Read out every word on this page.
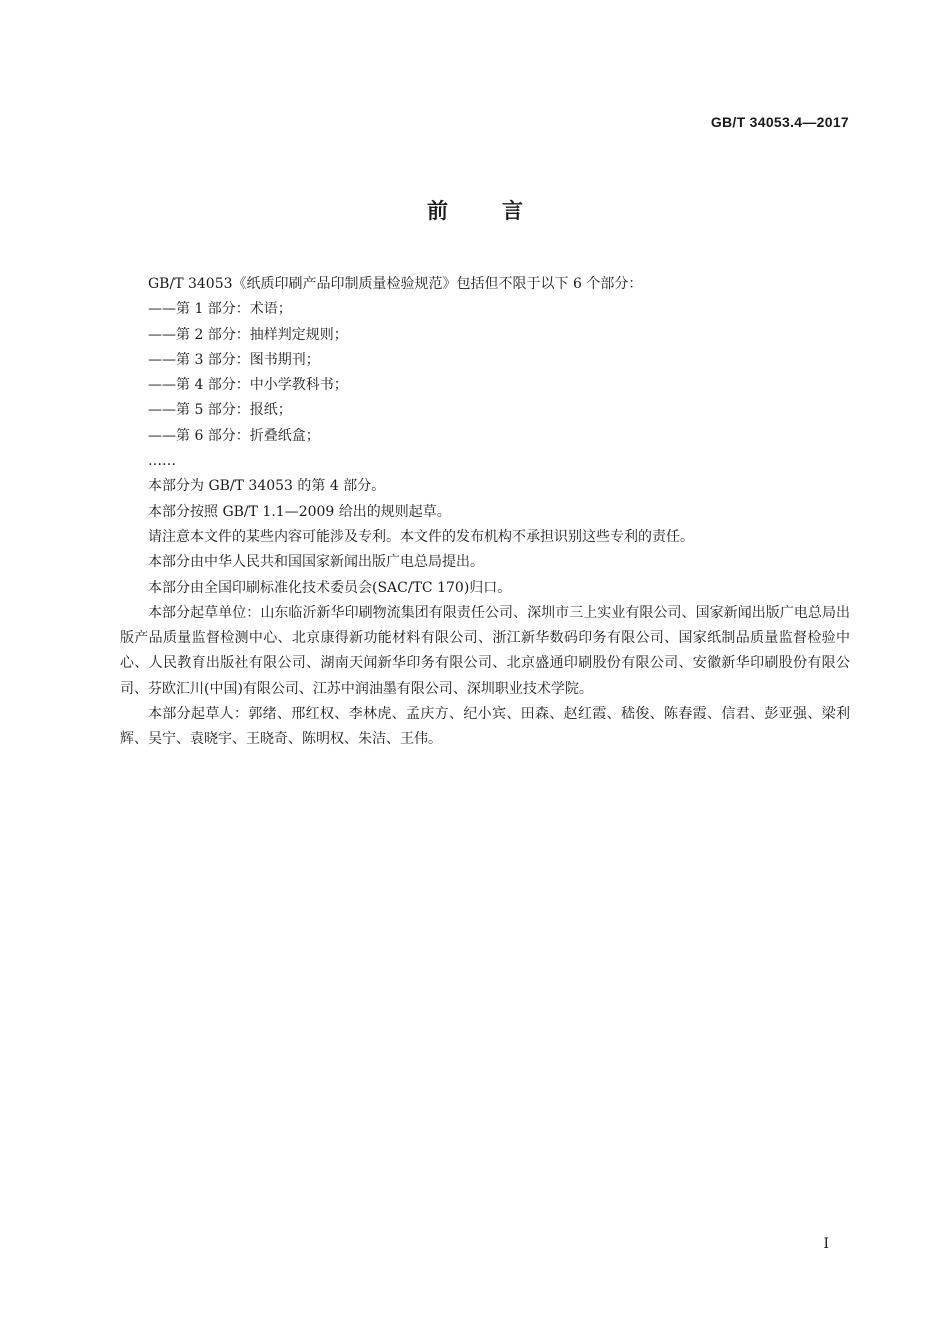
GB/T 34053.4—2017
前言

GB/T 34053《纸质印刷产品印制质量检验规范》包括但不限于以下 6 个部分：

——第 1 部分：术语；

——第 2 部分：抽样判定规则；

——第 3 部分：图书期刊；

——第 4 部分：中小学教科书；

——第 5 部分：报纸；

——第 6 部分：折叠纸盒；

……

本部分为 GB/T 34053 的第 4 部分。

本部分按照 GB/T 1.1—2009 给出的规则起草。

请注意本文件的某些内容可能涉及专利。本文件的发布机构不承担识别这些专利的责任。

本部分由中华人民共和国国家新闻出版广电总局提出。

本部分由全国印刷标准化技术委员会(SAC/TC 170)归口。

本部分起草单位：山东临沂新华印刷物流集团有限责任公司、深圳市三上实业有限公司、国家新闻出版广电总局出版产品质量监督检测中心、北京康得新功能材料有限公司、浙江新华数码印务有限公司、国家纸制品质量监督检验中心、人民教育出版社有限公司、湖南天闻新华印务有限公司、北京盛通印刷股份有限公司、安徽新华印刷股份有限公司、芬欧汇川(中国)有限公司、江苏中润油墨有限公司、深圳职业技术学院。

本部分起草人：郭绪、邢红权、李林虎、孟庆方、纪小宾、田森、赵红霞、嵇俊、陈春霞、信君、彭亚强、梁利辉、吴宁、袁晓宇、王晓奇、陈明权、朱洁、王伟。

I
